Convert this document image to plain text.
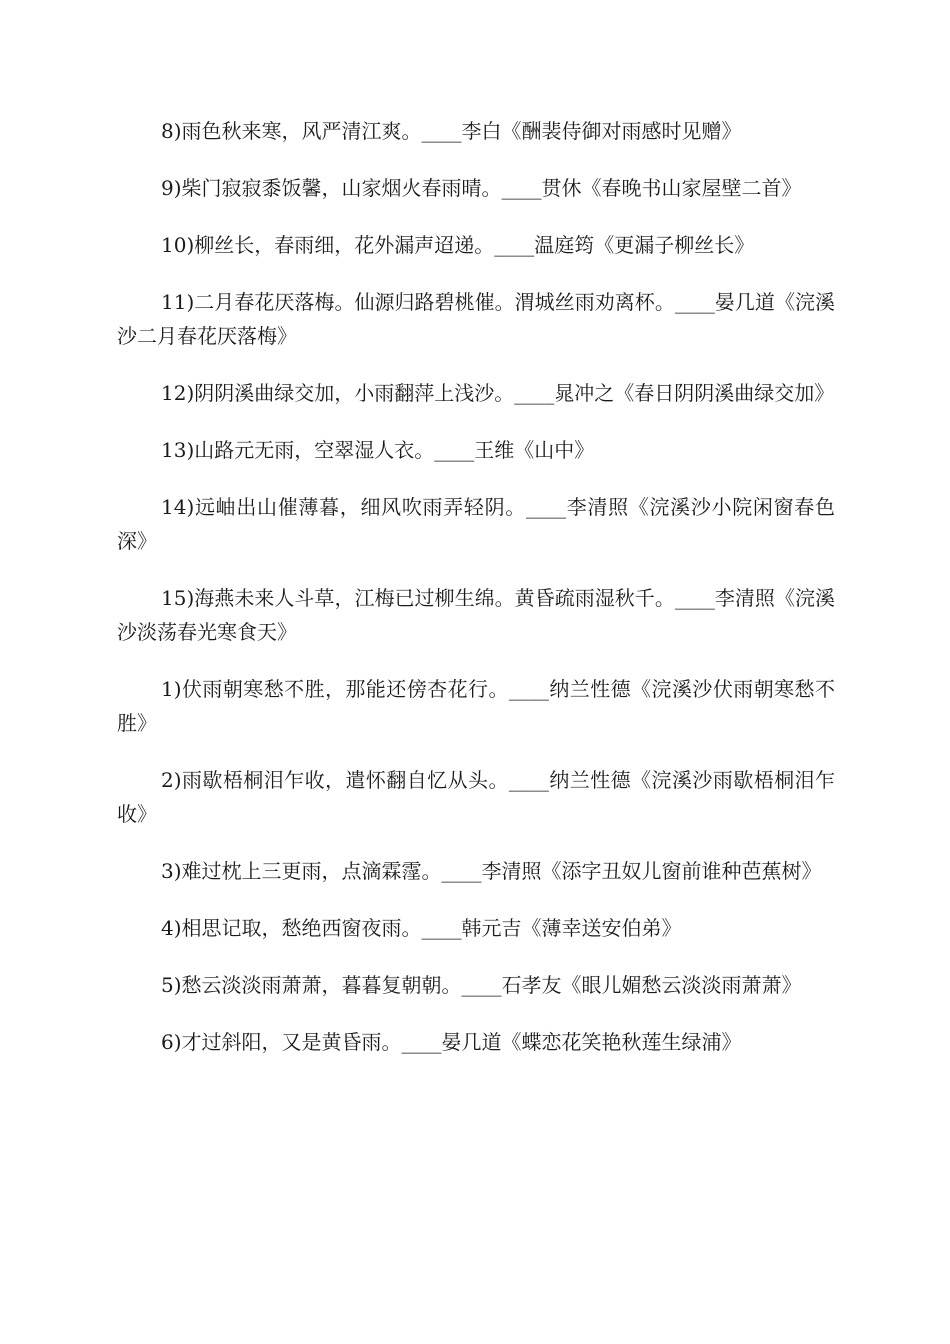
8)雨色秋来寒，风严清江爽。____李白《酬裴侍御对雨感时见赠》

9)柴门寂寂黍饭馨，山家烟火春雨晴。____贯休《春晚书山家屋壁二首》

10)柳丝长，春雨细，花外漏声迢递。____温庭筠《更漏子柳丝长》

11)二月春花厌落梅。仙源归路碧桃催。渭城丝雨劝离杯。____晏几道《浣溪沙二月春花厌落梅》

12)阴阴溪曲绿交加，小雨翻萍上浅沙。____晁冲之《春日阴阴溪曲绿交加》

13)山路元无雨，空翠湿人衣。____王维《山中》

14)远岫出山催薄暮，细风吹雨弄轻阴。____李清照《浣溪沙小院闲窗春色深》

15)海燕未来人斗草，江梅已过柳生绵。黄昏疏雨湿秋千。____李清照《浣溪沙淡荡春光寒食天》

1)伏雨朝寒愁不胜，那能还傍杏花行。____纳兰性德《浣溪沙伏雨朝寒愁不胜》

2)雨歇梧桐泪乍收，遣怀翻自忆从头。____纳兰性德《浣溪沙雨歇梧桐泪乍收》

3)难过枕上三更雨，点滴霖霪。____李清照《添字丑奴儿窗前谁种芭蕉树》

4)相思记取，愁绝西窗夜雨。____韩元吉《薄幸送安伯弟》

5)愁云淡淡雨萧萧，暮暮复朝朝。____石孝友《眼儿媚愁云淡淡雨萧萧》

6)才过斜阳，又是黄昏雨。____晏几道《蝶恋花笑艳秋莲生绿浦》
